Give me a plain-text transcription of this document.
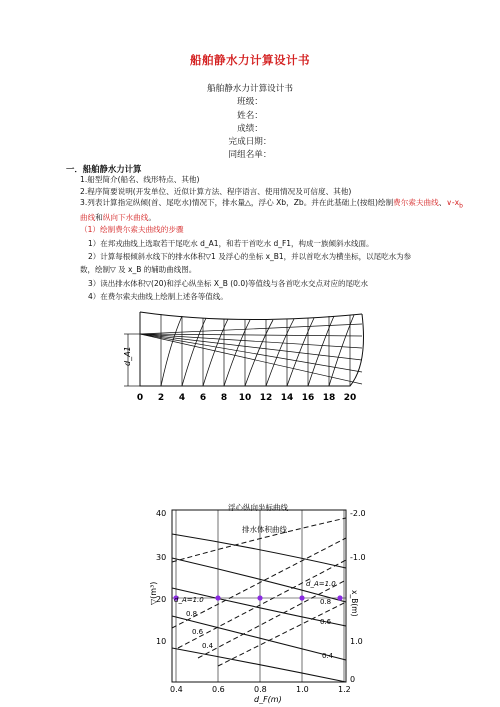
船舶静水力计算设计书
船舶静水力计算设计书
班级：
姓名：
成绩：
完成日期：
同组名单：
一．船舶静水力计算
1.船型简介(船名、线形特点、其他)
2.程序简要说明(开发单位、近似计算方法、程序语言、使用情况及可信度、其他)
3.列表计算指定纵倾(首、尾吃水)情况下，排水量△，浮心 Xb，Zb。并在此基础上(按组)绘制费尔索夫曲线、$\vee-x_b$曲线和纵向下水曲线。
（1）绘制费尔索夫曲线的步骤
1）在邦戎曲线上选取若干尾吃水 d_A1，和若干首吃水 d_F1，构成一族倾斜水线面。
2）计算每根倾斜水线下的排水体积▽1 及浮心的坐标 x_B1，并以首吃水为横坐标，以尾吃水为参
数，绘制▽ 及 x_B 的辅助曲线图。
3）读出排水体积▽(20)和浮心纵坐标 X_B (0.0)等值线与各首吃水交点对应的尾吃水
4）在费尔索夫曲线上绘制上述各等值线。
d_A1
0 2 4 6 8 10 12 14 16 18 20
浮心纵向坐标曲线
排水体积曲线
▽(m³)	x_B(m)
d_F(m)
0.4	0.6	0.8	1.0	1.2
40
30
20
10
-2.0
-1.0
1.0
0
d_A=1.0
0.8
0.6
0.4
d_A=1.0
0.8
0.6
0.4
